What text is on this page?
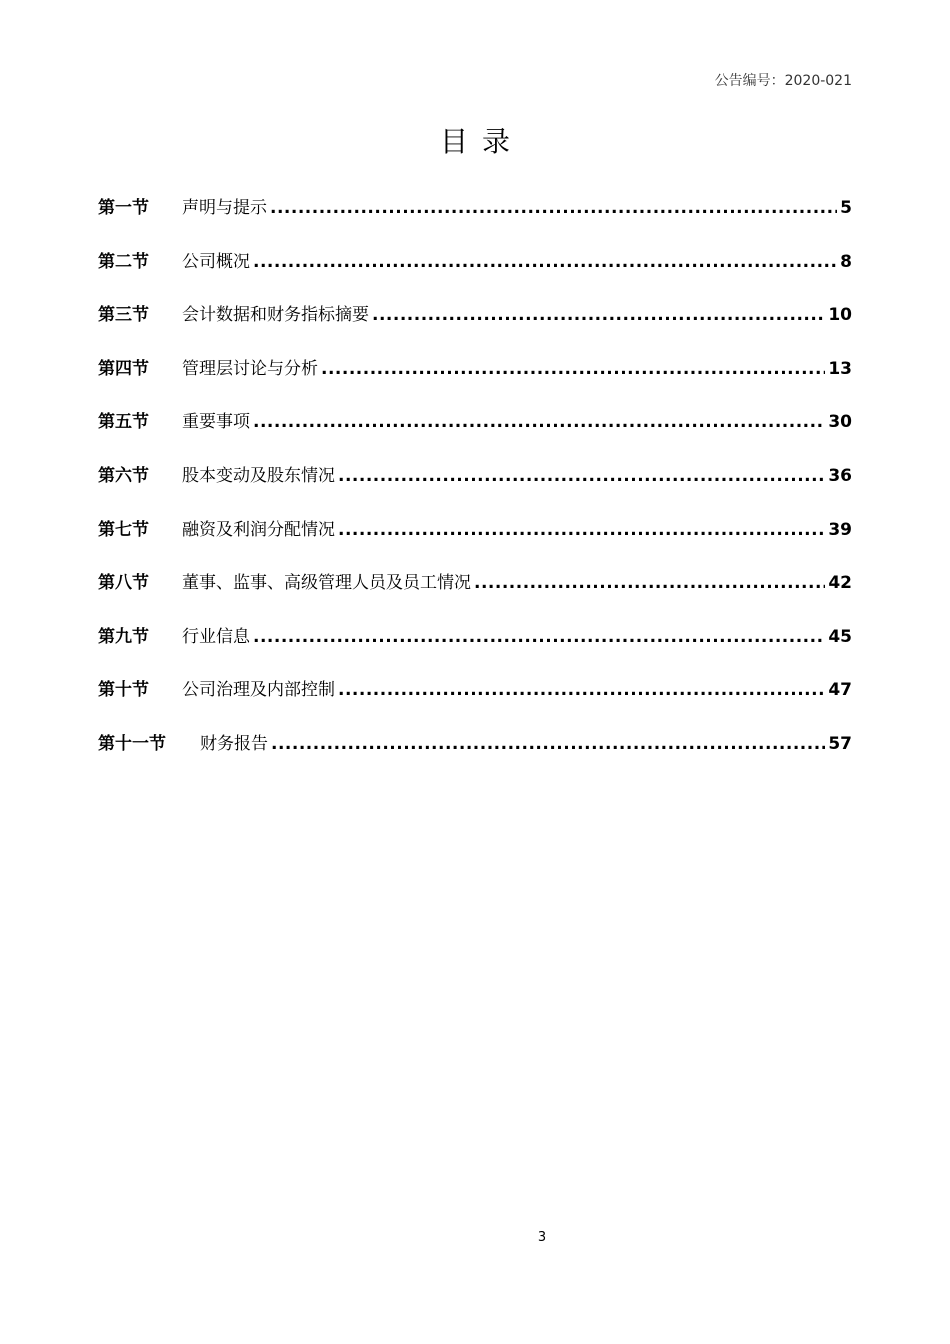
公告编号：2020-021
目录
第一节	声明与提示 .....	5
第二节	公司概况 .....	8
第三节	会计数据和财务指标摘要 .....	10
第四节	管理层讨论与分析 .....	13
第五节	重要事项 .....	30
第六节	股本变动及股东情况 .....	36
第七节	融资及利润分配情况 .....	39
第八节	董事、监事、高级管理人员及员工情况 .....	42
第九节	行业信息 .....	45
第十节	公司治理及内部控制 .....	47
第十一节	财务报告 .....	57
3
